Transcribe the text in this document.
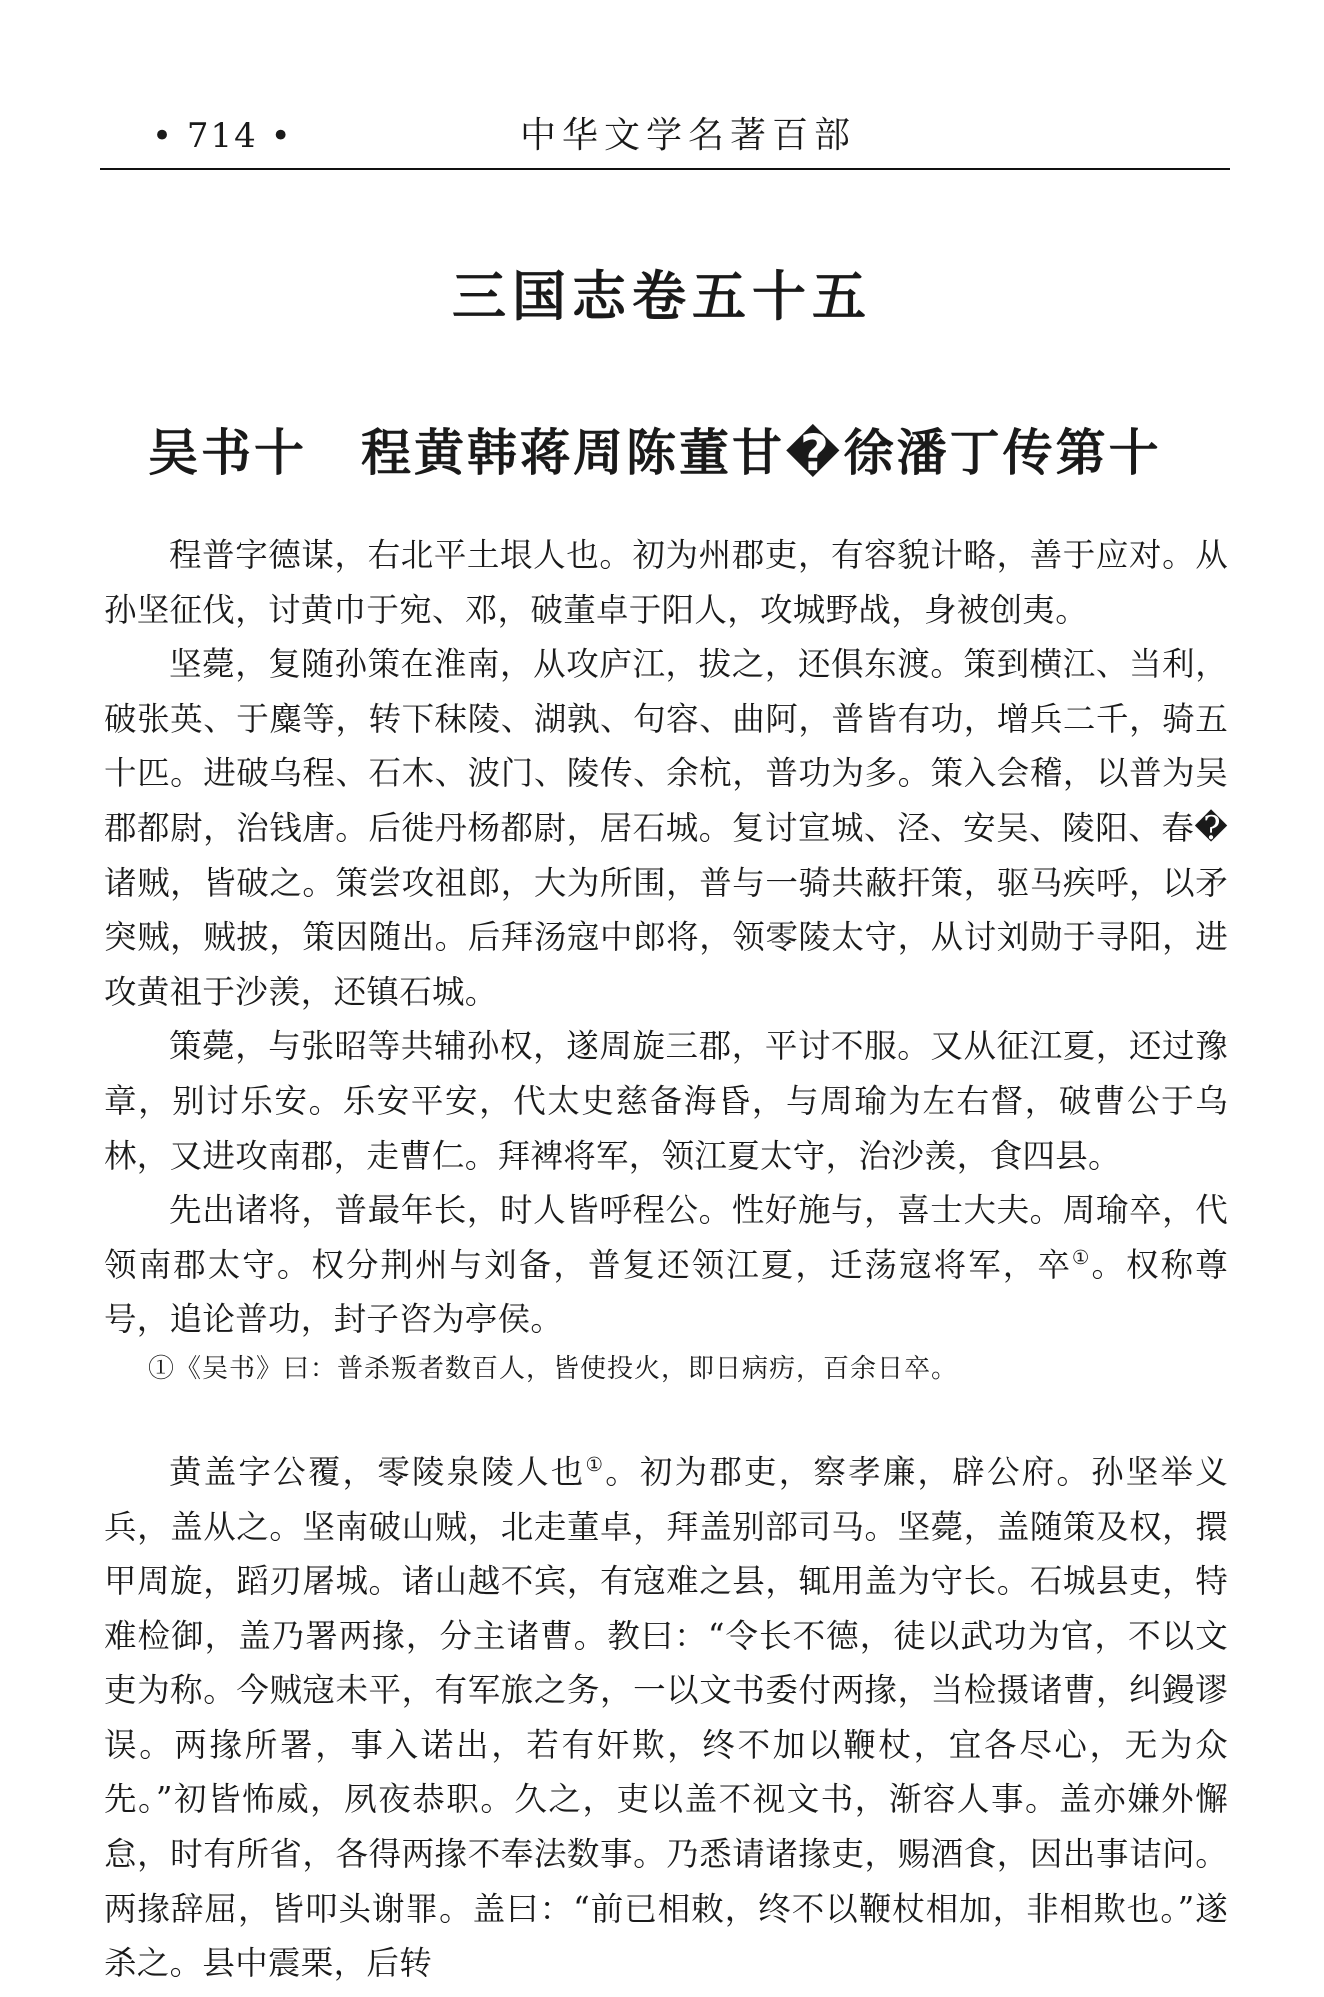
• 714 •	中华文学名著百部
三国志卷五十五
吴书十 程黄韩蒋周陈董甘�徐潘丁传第十

程普字德谋，右北平土垠人也。初为州郡吏，有容貌计略，善于应对。从孙坚征伐，讨黄巾于宛、邓，破董卓于阳人，攻城野战，身被创夷。

坚薨，复随孙策在淮南，从攻庐江，拔之，还俱东渡。策到横江、当利，破张英、于麋等，转下秣陵、湖孰、句容、曲阿，普皆有功，增兵二千，骑五十匹。进破乌程、石木、波门、陵传、余杭，普功为多。策入会稽，以普为吴郡都尉，治钱唐。后徙丹杨都尉，居石城。复讨宣城、泾、安吴、陵阳、春�诸贼，皆破之。策尝攻祖郎，大为所围，普与一骑共蔽扞策，驱马疾呼，以矛突贼，贼披，策因随出。后拜汤寇中郎将，领零陵太守，从讨刘勋于寻阳，进攻黄祖于沙羡，还镇石城。

策薨，与张昭等共辅孙权，遂周旋三郡，平讨不服。又从征江夏，还过豫章，别讨乐安。乐安平安，代太史慈备海昏，与周瑜为左右督，破曹公于乌林，又进攻南郡，走曹仁。拜裨将军，领江夏太守，治沙羡，食四县。

先出诸将，普最年长，时人皆呼程公。性好施与，喜士大夫。周瑜卒，代领南郡太守。权分荆州与刘备，普复还领江夏，迁荡寇将军，卒①。权称尊号，追论普功，封子咨为亭侯。

①《吴书》曰：普杀叛者数百人，皆使投火，即日病疠，百余日卒。

黄盖字公覆，零陵泉陵人也①。初为郡吏，察孝廉，辟公府。孙坚举义兵，盖从之。坚南破山贼，北走董卓，拜盖别部司马。坚薨，盖随策及权，擐甲周旋，蹈刃屠城。诸山越不宾，有寇难之县，辄用盖为守长。石城县吏，特难检御，盖乃署两掾，分主诸曹。教曰：“令长不德，徒以武功为官，不以文吏为称。今贼寇未平，有军旅之务，一以文书委付两掾，当检摄诸曹，纠鏝谬误。两掾所署，事入诺出，若有奸欺，终不加以鞭杖，宜各尽心，无为众先。”初皆怖威，夙夜恭职。久之，吏以盖不视文书，渐容人事。盖亦嫌外懈怠，时有所省，各得两掾不奉法数事。乃悉请诸掾吏，赐酒食，因出事诘问。两掾辞屈，皆叩头谢罪。盖曰：“前已相敕，终不以鞭杖相加，非相欺也。”遂杀之。县中震栗，后转
